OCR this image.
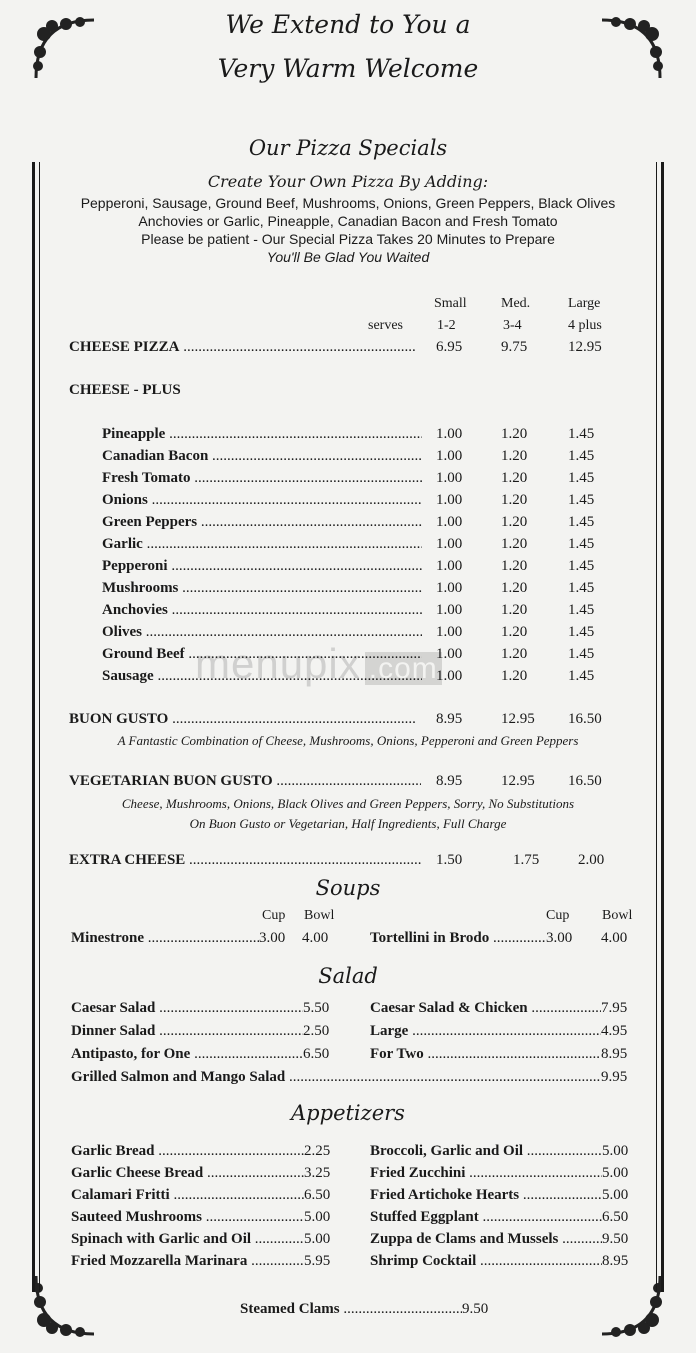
We Extend to You a
Very Warm Welcome
Our Pizza Specials
Create Your Own Pizza By Adding:
Pepperoni, Sausage, Ground Beef, Mushrooms, Onions, Green Peppers, Black Olives
Anchovies or Garlic, Pineapple, Canadian Bacon and Fresh Tomato
Please be patient - Our Special Pizza Takes 20 Minutes to Prepare
You'll Be Glad You Waited
Small Med.	Large
serves 1-2	3-4	4 plus
CHEESE PIZZA .....	6.95	9.75	12.95
CHEESE - PLUS
BUON GUSTO .....	8.95	12.95 16.50
A Fantastic Combination of Cheese, Mushrooms, Onions, Pepperoni and Green Peppers
VEGETARIAN BUON GUSTO .....	8.95	12.95 16.50
Cheese, Mushrooms, Onions, Black Olives and Green Peppers, Sorry, No Substitutions
On Buon Gusto or Vegetarian, Half Ingredients, Full Charge
EXTRA CHEESE .....	1.50	1.75	2.00
Soups
Cup Bowl	Cup Bowl
Minestrone .....	3.00 4.00	Tortellini in Brodo .....	3.00 4.00
Salad
Grilled Salmon and Mango Salad .....	9.95
Appetizers
Steamed Clams .....	9.50
menupix .com
Pineapple .....	1.00	1.20	1.45
Canadian Bacon .....	1.00	1.20	1.45
Fresh Tomato .....	1.00	1.20	1.45
Onions .....	1.00	1.20	1.45
Green Peppers .....	1.00	1.20	1.45
Garlic .....	1.00	1.20	1.45
Pepperoni .....	1.00	1.20	1.45
Mushrooms .....	1.00	1.20	1.45
Anchovies .....	1.00	1.20	1.45
Olives .....	1.00	1.20	1.45
Ground Beef .....	1.00	1.20	1.45
Sausage .....	1.00	1.20	1.45
Caesar Salad .....	5.50
Dinner Salad .....	2.50
Antipasto, for One .....	6.50
Caesar Salad & Chicken .....	7.95
Large .....	4.95
For Two .....	8.95
Garlic Bread .....	2.25
Garlic Cheese Bread .....	3.25
Calamari Fritti .....	6.50
Sauteed Mushrooms .....	5.00
Spinach with Garlic and Oil .....	5.00
Fried Mozzarella Marinara .....	5.95
Broccoli, Garlic and Oil .....	5.00
Fried Zucchini .....	5.00
Fried Artichoke Hearts .....	5.00
Stuffed Eggplant .....	6.50
Zuppa de Clams and Mussels .....	9.50
Shrimp Cocktail .....	8.95
